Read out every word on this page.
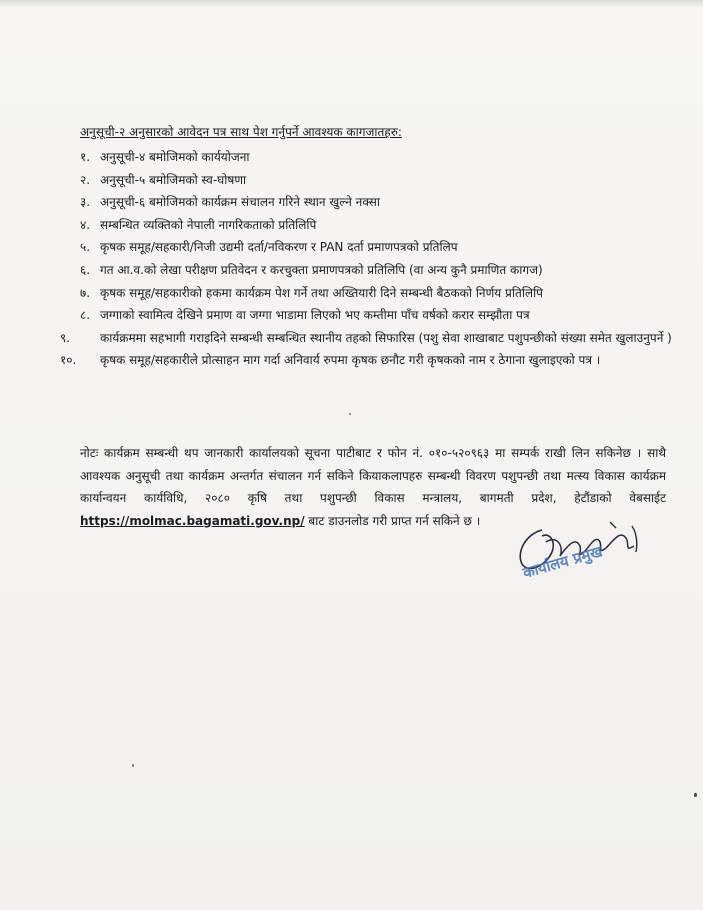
अनुसूची-२ अनुसारको आवेदन पत्र साथ पेश गर्नुपर्ने आवश्यक कागजातहरु:
१. अनुसूची-४ बमोजिमको कार्ययोजना
२. अनुसूची-५ बमोजिमको स्व-घोषणा
३. अनुसूची-६ बमोजिमको कार्यक्रम संचालन गरिने स्थान खुल्ने नक्सा
४. सम्बन्धित व्यक्तिको नेपाली नागरिकताको प्रतिलिपि
५. कृषक समूह/सहकारी/निजी उद्यमी दर्ता/नविकरण र PAN दर्ता प्रमाणपत्रको प्रतिलिप
६. गत आ.व.को लेखा परीक्षण प्रतिवेदन र करचुक्ता प्रमाणपत्रको प्रतिलिपि (वा अन्य कुनै प्रमाणित कागज)
७. कृषक समूह/सहकारीको हकमा कार्यक्रम पेश गर्ने तथा अख्तियारी दिने सम्बन्धी बैठकको निर्णय प्रतिलिपि
८. जग्गाको स्वामित्व देखिने प्रमाण वा जग्गा भाडामा लिएको भए कम्तीमा पाँच वर्षको करार सम्झौता पत्र
९. कार्यक्रममा सहभागी गराइदिने सम्बन्धी सम्बन्धित स्थानीय तहको सिफारिस (पशु सेवा शाखाबाट पशुपन्छीको संख्या समेत खुलाउनुपर्ने )
१०. कृषक समूह/सहकारीले प्रोत्साहन माग गर्दा अनिवार्य रुपमा कृषक छनौट गरी कृषकको नाम र ठेगाना खुलाइएको पत्र ।

नोटः कार्यक्रम सम्बन्धी थप जानकारी कार्यालयको सूचना पाटीबाट र फोन नं. ०१०-५२०९६३ मा सम्पर्क राखी लिन सकिनेछ । साथै आवश्यक अनुसूची तथा कार्यक्रम अन्तर्गत संचालन गर्न सकिने कियाकलापहरु सम्बन्धी विवरण पशुपन्छी तथा मत्स्य विकास कार्यक्रम कार्यान्वयन कार्यविधि, २०८० कृषि तथा पशुपन्छी विकास मन्त्रालय, बागमती प्रदेश, हेटौंडाको वेबसाईट https://molmac.bagamati.gov.np/ बाट डाउनलोड गरी प्राप्त गर्न सकिने छ ।

कार्यालय प्रमुख
